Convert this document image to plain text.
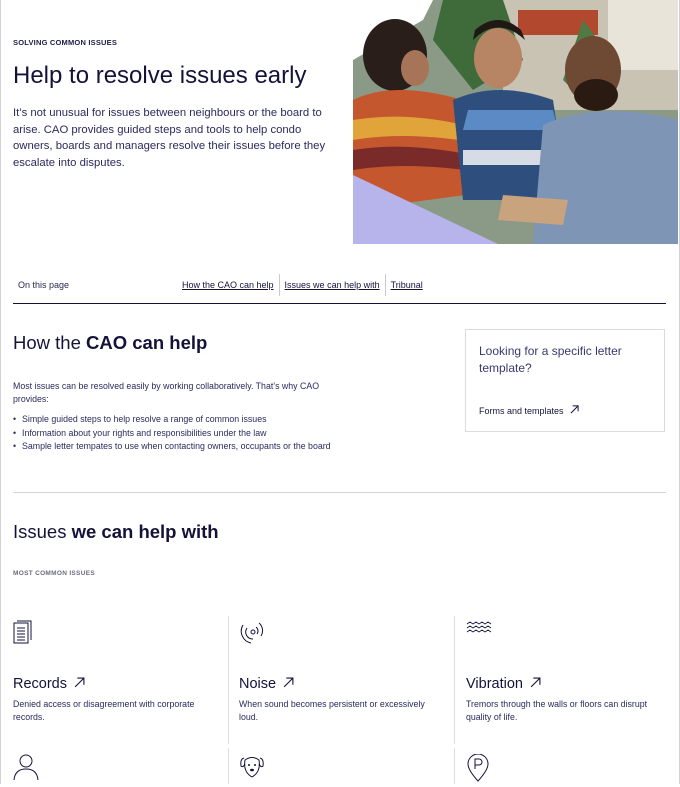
SOLVING COMMON ISSUES
Help to resolve issues early
It’s not unusual for issues between neighbours or the board to arise. CAO provides guided steps and tools to help condo owners, boards and managers resolve their issues before they escalate into disputes.
On this page	How the CAO can help	Issues we can help with	Tribunal
How the CAO can help
Most issues can be resolved easily by working collaboratively. That’s why CAO provides:
• Simple guided steps to help resolve a range of common issues
• Information about your rights and responsibilities under the law
• Sample letter tempates to use when contacting owners, occupants or the board
Looking for a specific letter template?
Forms and templates
Issues we can help with
MOST COMMON ISSUES
Records
Denied access or disagreement with corporate records.
Noise
When sound becomes persistent or excessively loud.
Vibration
Tremors through the walls or floors can disrupt quality of life.
